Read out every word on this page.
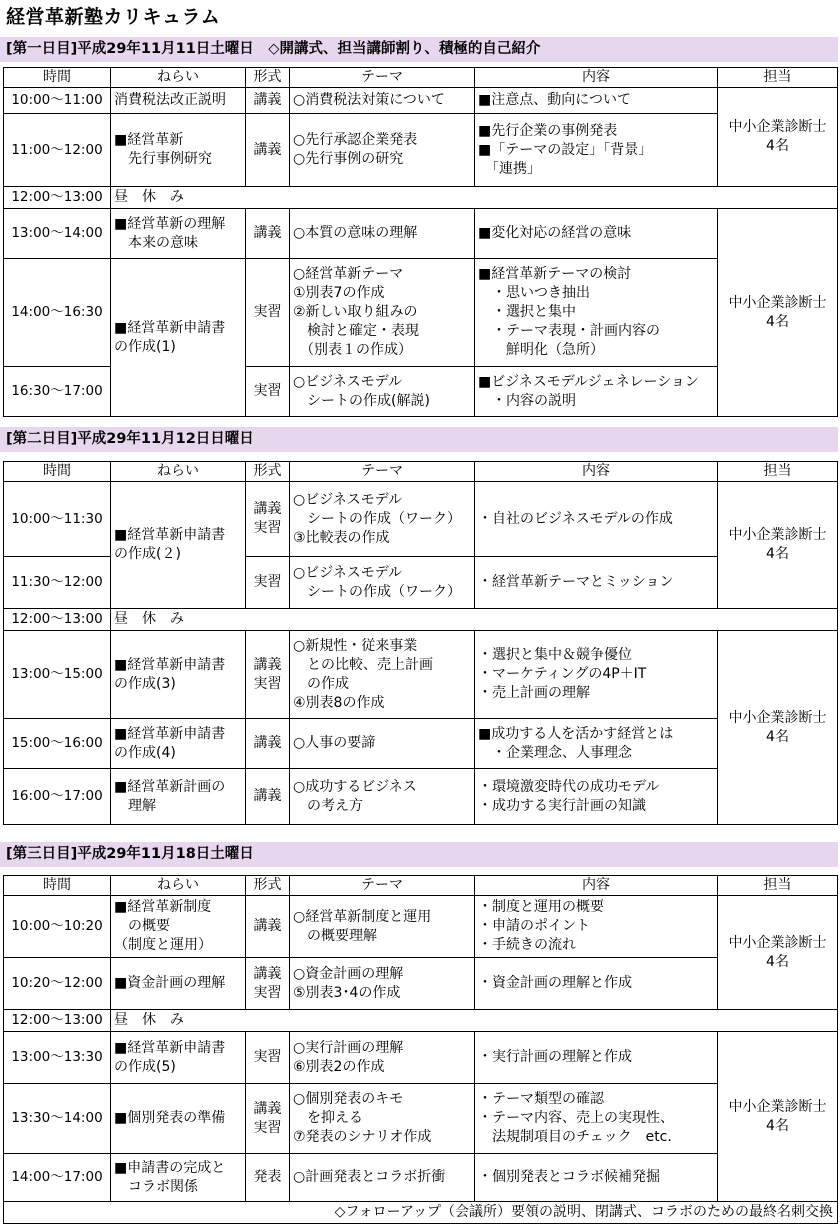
経営革新塾カリキュラム
[第一日目]平成29年11月11日土曜日　◇開講式、担当講師割り、積極的自己紹介
時間	ねらい	形式	テーマ	内容	担当
10:00〜11:00	消費税法改正説明	講義	○消費税法対策について	■注意点、動向について	中小企業診断士
4名
11:00〜12:00	■経営革新
　先行事例研究	講義	○先行承認企業発表
○先行事例の研究	■先行企業の事例発表
■「テーマの設定」「背景」
　「連携」	
12:00〜13:00	昼　休　み				
13:00〜14:00	■経営革新の理解
　本来の意味	講義	○本質の意味の理解	■変化対応の経営の意味	中小企業診断士
4名
14:00〜16:30	■経営革新申請書
の作成(1)	実習	○経営革新テーマ
①別表7の作成
②新しい取り組みの
　検討と確定・表現
　（別表１の作成）	■経営革新テーマの検討
　・思いつき抽出
　・選択と集中
　・テーマ表現・計画内容の
　　鮮明化（急所）	
16:30〜17:00		実習	○ビジネスモデル
　シートの作成(解説)	■ビジネスモデルジェネレーション
　・内容の説明	
[第二日目]平成29年11月12日日曜日
時間	ねらい	形式	テーマ	内容	担当
10:00〜11:30	■経営革新申請書
の作成(２)	講義 実習	○ビジネスモデル
　シートの作成（ワーク）
③比較表の作成	・自社のビジネスモデルの作成	中小企業診断士
4名
11:30〜12:00		実習	○ビジネスモデル
　シートの作成（ワーク）	・経営革新テーマとミッション	
12:00〜13:00	昼　休　み				
13:00〜15:00	■経営革新申請書
の作成(3)	講義 実習	○新規性・従来事業
　との比較、売上計画
　の作成
④別表8の作成	・選択と集中＆競争優位
・マーケティングの4P＋IT
・売上計画の理解	中小企業診断士
4名
15:00〜16:00	■経営革新申請書
の作成(4)	講義	○人事の要諦	■成功する人を活かす経営とは
　・企業理念、人事理念	
16:00〜17:00	■経営革新計画の
　理解	講義	○成功するビジネス
　の考え方	・環境激変時代の成功モデル
・成功する実行計画の知識	
[第三日目]平成29年11月18日土曜日
時間	ねらい	形式	テーマ	内容	担当
10:00〜10:20	■経営革新制度
　の概要
（制度と運用）	講義	○経営革新制度と運用
　の概要理解	・制度と運用の概要
・申請のポイント
・手続きの流れ	中小企業診断士
4名
10:20〜12:00	■資金計画の理解	講義 実習	○資金計画の理解
⑤別表3･4の作成	・資金計画の理解と作成	
12:00〜13:00	昼　休　み				
13:00〜13:30	■経営革新申請書
の作成(5)	実習	○実行計画の理解
⑥別表2の作成	・実行計画の理解と作成	中小企業診断士
4名
13:30〜14:00	■個別発表の準備	講義 実習	○個別発表のキモ
　を抑える
⑦発表のシナリオ作成	・テーマ類型の確認
・テーマ内容、売上の実現性、
　法規制項目のチェック　etc.	
14:00〜17:00	■申請書の完成と
　コラボ関係	発表	○計画発表とコラボ折衝	・個別発表とコラボ候補発掘	
◇フォローアップ（会議所）要領の説明、閉講式、コラボのための最終名刺交換					
